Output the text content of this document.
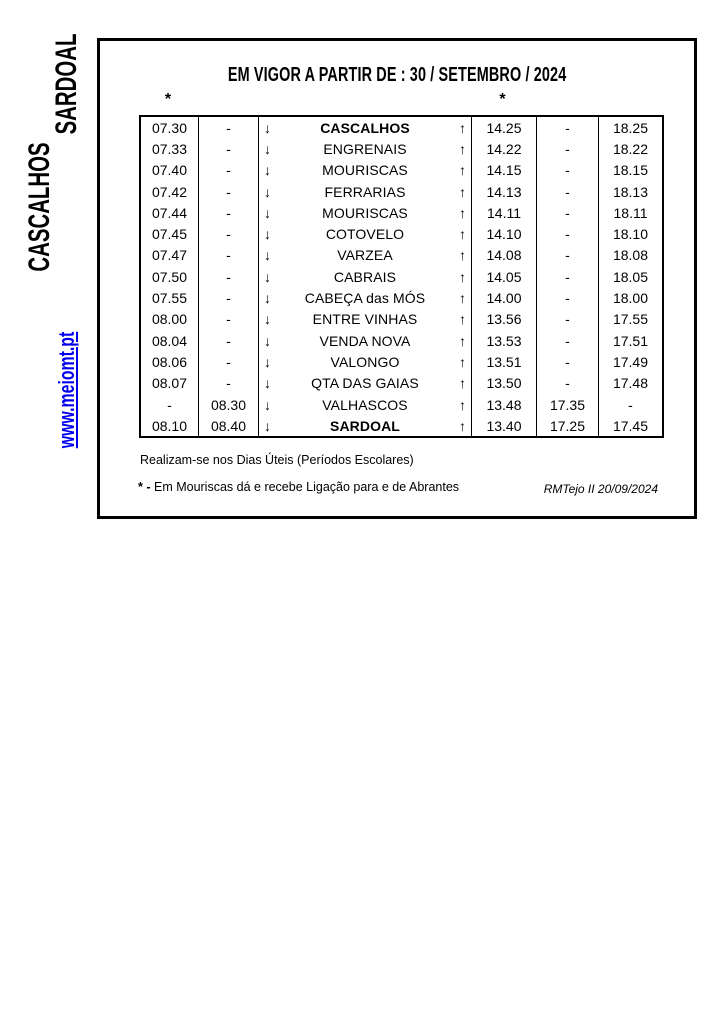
CASCALHOS
SARDOAL
www.meiomt.pt
EM VIGOR A PARTIR DE : 30 / SETEMBRO / 2024
*	*
07.30	-	↓	CASCALHOS	↑	14.25	-	18.25
07.33	-	↓	ENGRENAIS	↑	14.22	-	18.22
07.40	-	↓	MOURISCAS	↑	14.15	-	18.15
07.42	-	↓	FERRARIAS	↑	14.13	-	18.13
07.44	-	↓	MOURISCAS	↑	14.11	-	18.11
07.45	-	↓	COTOVELO	↑	14.10	-	18.10
07.47	-	↓	VARZEA	↑	14.08	-	18.08
07.50	-	↓	CABRAIS	↑	14.05	-	18.05
07.55	-	↓	CABEÇA das MÓS	↑	14.00	-	18.00
08.00	-	↓	ENTRE VINHAS	↑	13.56	-	17.55
08.04	-	↓	VENDA NOVA	↑	13.53	-	17.51
08.06	-	↓	VALONGO	↑	13.51	-	17.49
08.07	-	↓	QTA DAS GAIAS	↑	13.50	-	17.48
-	08.30	↓	VALHASCOS	↑	13.48	17.35	-
08.10	08.40	↓	SARDOAL	↑	13.40	17.25	17.45
Realizam-se nos Dias Úteis (Períodos Escolares)
* - Em Mouriscas dá e recebe Ligação para e de Abrantes	RMTejo II 20/09/2024
